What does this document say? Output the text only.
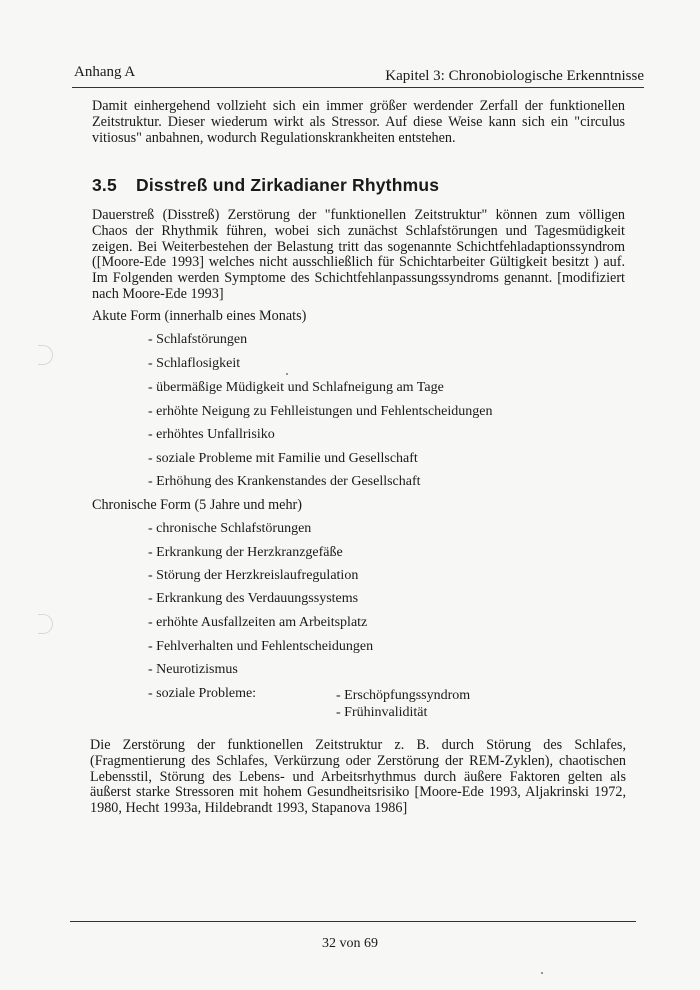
Anhang A	Kapitel 3: Chronobiologische Erkenntnisse
Damit einhergehend vollzieht sich ein immer größer werdender Zerfall der funktionellen Zeitstruktur. Dieser wiederum wirkt als Stressor. Auf diese Weise kann sich ein "circulus vitiosus" anbahnen, wodurch Regulationskrankheiten entstehen.
3.5 Disstreß und Zirkadianer Rhythmus
Dauerstreß (Disstreß) Zerstörung der "funktionellen Zeitstruktur" können zum völligen Chaos der Rhythmik führen, wobei sich zunächst Schlafstörungen und Tagesmüdigkeit zeigen. Bei Weiterbestehen der Belastung tritt das sogenannte Schichtfehladaptionssyndrom ([Moore-Ede 1993] welches nicht ausschließlich für Schichtarbeiter Gültigkeit besitzt ) auf. Im Folgenden werden Symptome des Schichtfehlanpassungssyndroms genannt. [modifiziert nach Moore-Ede 1993]
Akute Form (innerhalb eines Monats)
- Schlafstörungen
- Schlaflosigkeit
- übermäßige Müdigkeit und Schlafneigung am Tage
- erhöhte Neigung zu Fehlleistungen und Fehlentscheidungen
- erhöhtes Unfallrisiko
- soziale Probleme mit Familie und Gesellschaft
- Erhöhung des Krankenstandes der Gesellschaft
Chronische Form (5 Jahre und mehr)
- chronische Schlafstörungen
- Erkrankung der Herzkranzgefäße
- Störung der Herzkreislaufregulation
- Erkrankung des Verdauungssystems
- erhöhte Ausfallzeiten am Arbeitsplatz
- Fehlverhalten und Fehlentscheidungen
- Neurotizismus
- soziale Probleme:	- Erschöpfungssyndrom
- Frühinvalidität
Die Zerstörung der funktionellen Zeitstruktur z. B. durch Störung des Schlafes, (Fragmentierung des Schlafes, Verkürzung oder Zerstörung der REM-Zyklen), chaotischen Lebensstil, Störung des Lebens- und Arbeitsrhythmus durch äußere Faktoren gelten als äußerst starke Stressoren mit hohem Gesundheitsrisiko [Moore-Ede 1993, Aljakrinski 1972, 1980, Hecht 1993a, Hildebrandt 1993, Stapanova 1986]
32 von 69
